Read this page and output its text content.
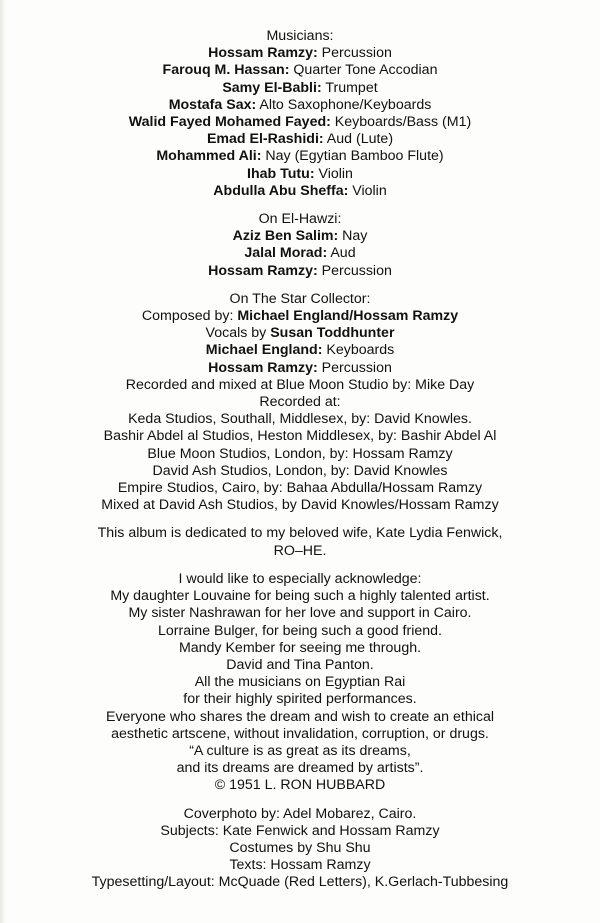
Musicians:
Hossam Ramzy: Percussion
Farouq M. Hassan: Quarter Tone Accodian
Samy El-Babli: Trumpet
Mostafa Sax: Alto Saxophone/Keyboards
Walid Fayed Mohamed Fayed: Keyboards/Bass (M1)
Emad El-Rashidi: Aud (Lute)
Mohammed Ali: Nay (Egytian Bamboo Flute)
Ihab Tutu: Violin
Abdulla Abu Sheffa: Violin
On El-Hawzi:
Aziz Ben Salim: Nay
Jalal Morad: Aud
Hossam Ramzy: Percussion
On The Star Collector:
Composed by: Michael England/Hossam Ramzy
Vocals by Susan Toddhunter
Michael England: Keyboards
Hossam Ramzy: Percussion
Recorded and mixed at Blue Moon Studio by: Mike Day
Recorded at:
Keda Studios, Southall, Middlesex, by: David Knowles.
Bashir Abdel al Studios, Heston Middlesex, by: Bashir Abdel Al
Blue Moon Studios, London, by: Hossam Ramzy
David Ash Studios, London, by: David Knowles
Empire Studios, Cairo, by: Bahaa Abdulla/Hossam Ramzy
Mixed at David Ash Studios, by David Knowles/Hossam Ramzy
This album is dedicated to my beloved wife, Kate Lydia Fenwick,
RO–HE.
I would like to especially acknowledge:
My daughter Louvaine for being such a highly talented artist.
My sister Nashrawan for her love and support in Cairo.
Lorraine Bulger, for being such a good friend.
Mandy Kember for seeing me through.
David and Tina Panton.
All the musicians on Egyptian Rai
for their highly spirited performances.
Everyone who shares the dream and wish to create an ethical
aesthetic artscene, without invalidation, corruption, or drugs.
“A culture is as great as its dreams,
and its dreams are dreamed by artists”.
© 1951 L. RON HUBBARD
Coverphoto by: Adel Mobarez, Cairo.
Subjects: Kate Fenwick and Hossam Ramzy
Costumes by Shu Shu
Texts: Hossam Ramzy
Typesetting/Layout: McQuade (Red Letters), K.Gerlach-Tubbesing
